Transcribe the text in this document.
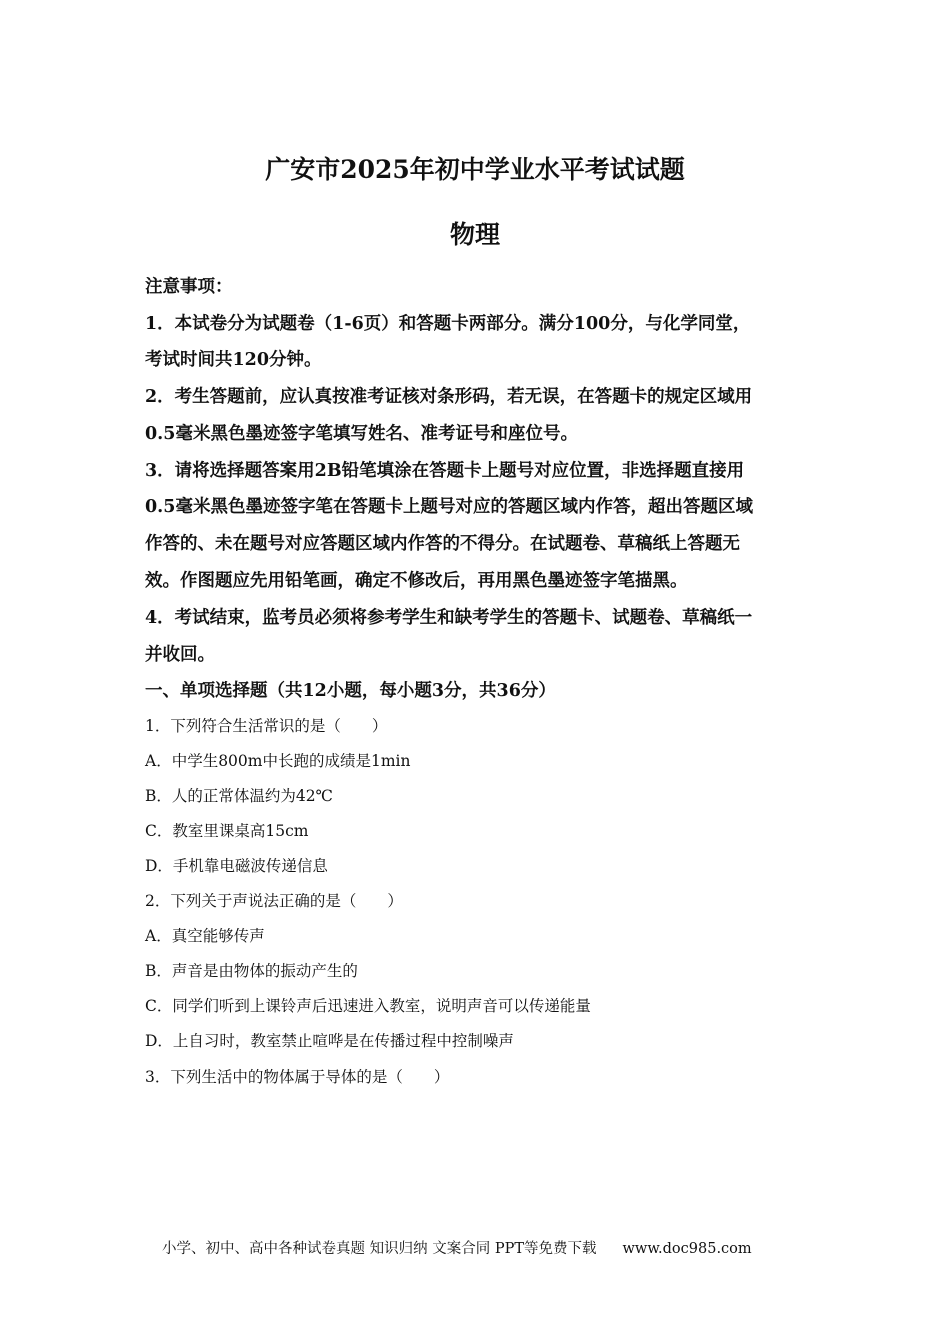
广安市2025年初中学业水平考试试题
物理
注意事项：
1．本试卷分为试题卷（1-6页）和答题卡两部分。满分100分，与化学同堂，
考试时间共120分钟。
2．考生答题前，应认真按准考证核对条形码，若无误，在答题卡的规定区域用
0.5毫米黑色墨迹签字笔填写姓名、准考证号和座位号。
3．请将选择题答案用2B铅笔填涂在答题卡上题号对应位置，非选择题直接用
0.5毫米黑色墨迹签字笔在答题卡上题号对应的答题区域内作答，超出答题区域
作答的、未在题号对应答题区域内作答的不得分。在试题卷、草稿纸上答题无
效。作图题应先用铅笔画，确定不修改后，再用黑色墨迹签字笔描黑。
4．考试结束，监考员必须将参考学生和缺考学生的答题卡、试题卷、草稿纸一
并收回。
一、单项选择题（共12小题，每小题3分，共36分）
1．下列符合生活常识的是（　　）
A．中学生800m中长跑的成绩是1min
B．人的正常体温约为42℃
C．教室里课桌高15cm
D．手机靠电磁波传递信息
2．下列关于声说法正确的是（　　）
A．真空能够传声
B．声音是由物体的振动产生的
C．同学们听到上课铃声后迅速进入教室，说明声音可以传递能量
D．上自习时，教室禁止喧哗是在传播过程中控制噪声
3．下列生活中的物体属于导体的是（　　）
小学、初中、高中各种试卷真题 知识归纳 文案合同 PPT等免费下载 www.doc985.com
